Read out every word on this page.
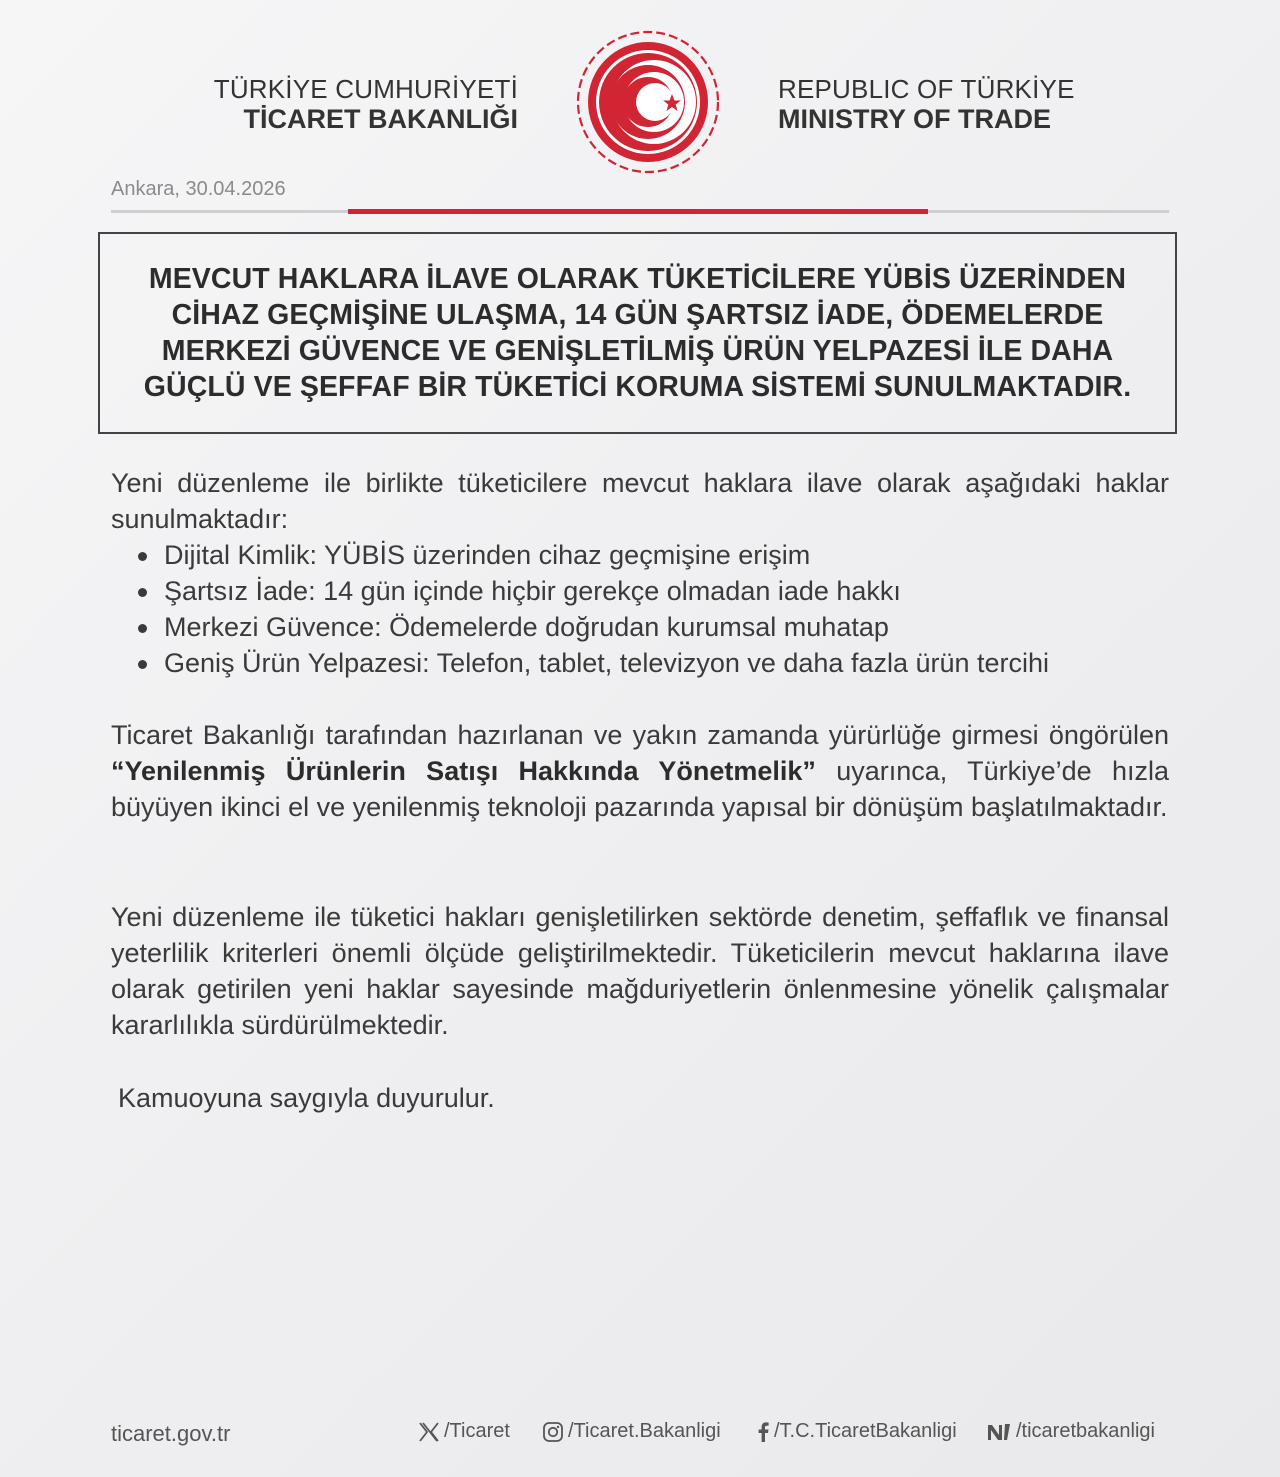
TÜRKİYE CUMHURİYETİ
TİCARET BAKANLIĞI
REPUBLIC OF TÜRKİYE
MINISTRY OF TRADE
Ankara, 30.04.2026
MEVCUT HAKLARA İLAVE OLARAK TÜKETİCİLERE YÜBİS ÜZERİNDEN CİHAZ GEÇMİŞİNE ULAŞMA, 14 GÜN ŞARTSIZ İADE, ÖDEMELERDE MERKEZİ GÜVENCE VE GENİŞLETİLMİŞ ÜRÜN YELPAZESİ İLE DAHA GÜÇLÜ VE ŞEFFAF BİR TÜKETİCİ KORUMA SİSTEMİ SUNULMAKTADIR.
Yeni düzenleme ile birlikte tüketicilere mevcut haklara ilave olarak aşağıdaki haklar sunulmaktadır:
Dijital Kimlik: YÜBİS üzerinden cihaz geçmişine erişim
Şartsız İade: 14 gün içinde hiçbir gerekçe olmadan iade hakkı
Merkezi Güvence: Ödemelerde doğrudan kurumsal muhatap
Geniş Ürün Yelpazesi: Telefon, tablet, televizyon ve daha fazla ürün tercihi
Ticaret Bakanlığı tarafından hazırlanan ve yakın zamanda yürürlüğe girmesi öngörülen “Yenilenmiş Ürünlerin Satışı Hakkında Yönetmelik” uyarınca, Türkiye’de hızla büyüyen ikinci el ve yenilenmiş teknoloji pazarında yapısal bir dönüşüm başlatılmaktadır.
Yeni düzenleme ile tüketici hakları genişletilirken sektörde denetim, şeffaflık ve finansal yeterlilik kriterleri önemli ölçüde geliştirilmektedir. Tüketicilerin mevcut haklarına ilave olarak getirilen yeni haklar sayesinde mağduriyetlerin önlenmesine yönelik çalışmalar kararlılıkla sürdürülmektedir.
Kamuoyuna saygıyla duyurulur.
ticaret.gov.tr	/Ticaret	/Ticaret.Bakanligi	/T.C.TicaretBakanligi	/ticaretbakanligi
